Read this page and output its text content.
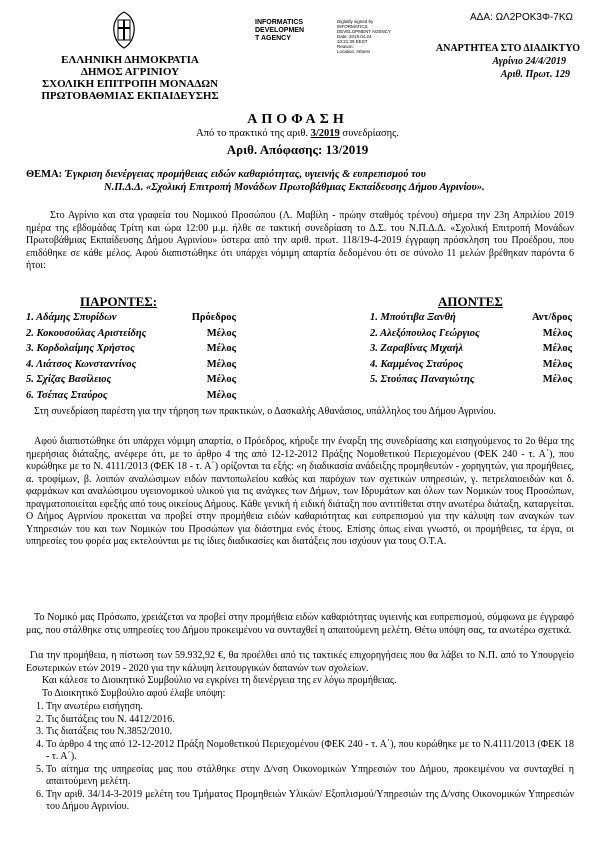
ΑΔΑ: ΩΛ2ΡΟΚ3Φ-7ΚΩ
ΕΛΛΗΝΙΚΗ ΔΗΜΟΚΡΑΤΙΑ
ΔΗΜΟΣ ΑΓΡΙΝΙΟΥ
ΣΧΟΛΙΚΗ ΕΠΙΤΡΟΠΗ ΜΟΝΑΔΩΝ
ΠΡΩΤΟΒΑΘΜΙΑΣ ΕΚΠΑΙΔΕΥΣΗΣ
INFORMATICS
DEVELOPMEN
T AGENCY
Digitally signed by
INFORMATICS
DEVELOPMENT AGENCY
Date: 2019.04.24
10:21:39 EEST
Reason:
Location: Athens	ΑΝΑΡΤΗΤΕΑ ΣΤΟ ΔΙΑΔΙΚΤΥΟ
Αγρίνιο 24/4/2019
Αριθ. Πρωτ. 129
ΑΠΟΦΑΣΗ
Από το πρακτικό της αριθ. 3/2019 συνεδρίασης.
Αριθ. Απόφασης: 13/2019
ΘΕΜΑ: Έγκριση διενέργειας προμήθειας ειδών καθαριότητας, υγιεινής & ευπρεπισμού του
Ν.Π.Δ.Δ. «Σχολική Επιτροπή Μονάδων Πρωτοβάθμιας Εκπαίδευσης Δήμου Αγρινίου».
Στο Αγρίνιο και στα γραφεία του Νομικού Προσώπου (Λ. Μαβίλη - πρώην σταθμός τρένου) σήμερα την 23η Απριλίου 2019 ημέρα της εβδομάδας Τρίτη και ώρα 12:00 μ.μ. ήλθε σε τακτική συνεδρίαση το Δ.Σ. του Ν.Π.Δ.Δ. «Σχολική Επιτροπή Μονάδων Πρωτοβάθμιας Εκπαίδευσης Δήμου Αγρινίου» ύστερα από την αριθ. πρωτ. 118/19-4-2019 έγγραφη πρόσκληση του Προέδρου, που επιδόθηκε σε κάθε μέλος. Αφού διαπιστώθηκε ότι υπάρχει νόμιμη απαρτία δεδομένου ότι σε σύνολο 11 μελών βρέθηκαν παρόντα 6 ήτοι:
ΠΑΡΟΝΤΕΣ:	ΑΠΟΝΤΕΣ
1. Αδάμης Σπυρίδων	Πρόεδρος
2. Κοκουσούλας Αριστείδης	Μέλος
3. Κορδολαίμης Χρήστος	Μέλος
4. Λιάτσος Κωνσταντίνος	Μέλος
5. Σχίζας Βασίλειος	Μέλος
6. Τσέπας Σταύρος	Μέλος
1. Μπούτιβα Ξανθή	Αντ/δρος
2. Αλεξόπουλος Γεώργιος	Μέλος
3. Ζαραβίνας Μιχαήλ	Μέλος
4. Καμμένος Σταύρος	Μέλος
5. Στούπας Παναγιώτης	Μέλος
Στη συνεδρίαση παρέστη για την τήρηση των πρακτικών, ο Δασκαλής Αθανάσιος, υπάλληλος του Δήμου Αγρινίου.
Αφού διαπιστώθηκε ότι υπάρχει νόμιμη απαρτία, ο Πρόεδρος, κήρυξε την έναρξη της συνεδρίασης και εισηγούμενος το 2ο θέμα της ημερήσιας διάταξης, ανέφερε ότι, με το άρθρο 4 της από 12-12-2012 Πράξης Νομοθετικού Περιεχομένου (ΦΕΚ 240 - τ. Α΄), που κυρώθηκε με το Ν. 4111/2013 (ΦΕΚ 18 - τ. Α΄) ορίζονται τα εξής: «η διαδικασία ανάδειξης προμηθευτών - χορηγητών, για προμήθειες, α. τροφίμων, β. λοιπών αναλώσιμων ειδών παντοπωλείου καθώς και παρόχων των σχετικών υπηρεσιών, γ. πετρελαιοειδών και δ. φαρμάκων και αναλώσιμου υγειονομικού υλικού για τις ανάγκες των Δήμων, των Ιδρυμάτων και όλων των Νομικών τους Προσώπων, πραγματοποιείται εφεξής από τους οικείους Δήμους. Κάθε γενική ή ειδική διάταξη που αντιτίθεται στην ανωτέρω διάταξη, καταργείται. Ο Δήμος Αγρινίου προκειται να προβεί στην προμήθεια ειδών καθαριότητας και ευπρεπισμού για την κάλυψη των αναγκών των Υπηρεσιών του και των Νομικών του Προσώπων για διάστημα ενός έτους. Επίσης όπως είναι γνωστό, οι προμήθειες, τα έργα, οι υπηρεσίες του φορέα μας εκτελούνται με τις ίδιες διαδικασίες και διατάξεις που ισχύουν για τους Ο.Τ.Α.
Το Νομικό μας Πρόσωπο, χρειάζεται να προβεί στην προμήθεια ειδών καθαριότητας υγιεινής και ευπρεπισμού, σύμφωνα με έγγραφό μας, που στάλθηκε στις υπηρεσίες του Δήμου προκειμένου να συνταχθεί η απαιτούμενη μελέτη. Θέτω υπόψη σας, τα ανωτέρω σχετικά.
Για την προμήθεια, η πίστωση των 59.932,92 €, θα προέλθει από τις τακτικές επιχορηγήσεις που θα λάβει το Ν.Π. από το Υπουργείο Εσωτερικών ετών 2019 - 2020 για την κάλυψη λειτουργικών δαπανών των σχολείων.
Και κάλεσε το Διοικητικό Συμβούλιο να εγκρίνει τη διενέργεια της εν λόγω προμήθειας.
Το Διοικητικό Συμβούλιο αφού έλαβε υπόψη:
1. Την ανωτέρω εισήγηση.
2. Τις διατάξεις του Ν. 4412/2016.
3. Τις διατάξεις του Ν.3852/2010.
4. Το άρθρο 4 της από 12-12-2012 Πράξη Νομοθετικού Περιεχομένου (ΦΕΚ 240 - τ. Α΄), που κυρώθηκε με το Ν.4111/2013 (ΦΕΚ 18 - τ. Α΄).
5. Το αίτημα της υπηρεσίας μας που στάλθηκε στην Δ/νση Οικονομικών Υπηρεσιών του Δήμου, προκειμένου να συνταχθεί η απαιτούμενη μελέτη.
6. Την αριθ. 34/14-3-2019 μελέτη του Τμήματος Προμηθειών Υλικών/ Εξοπλισμού/Υπηρεσιών της Δ/νσης Οικονομικών Υπηρεσιών του Δήμου Αγρινίου.
